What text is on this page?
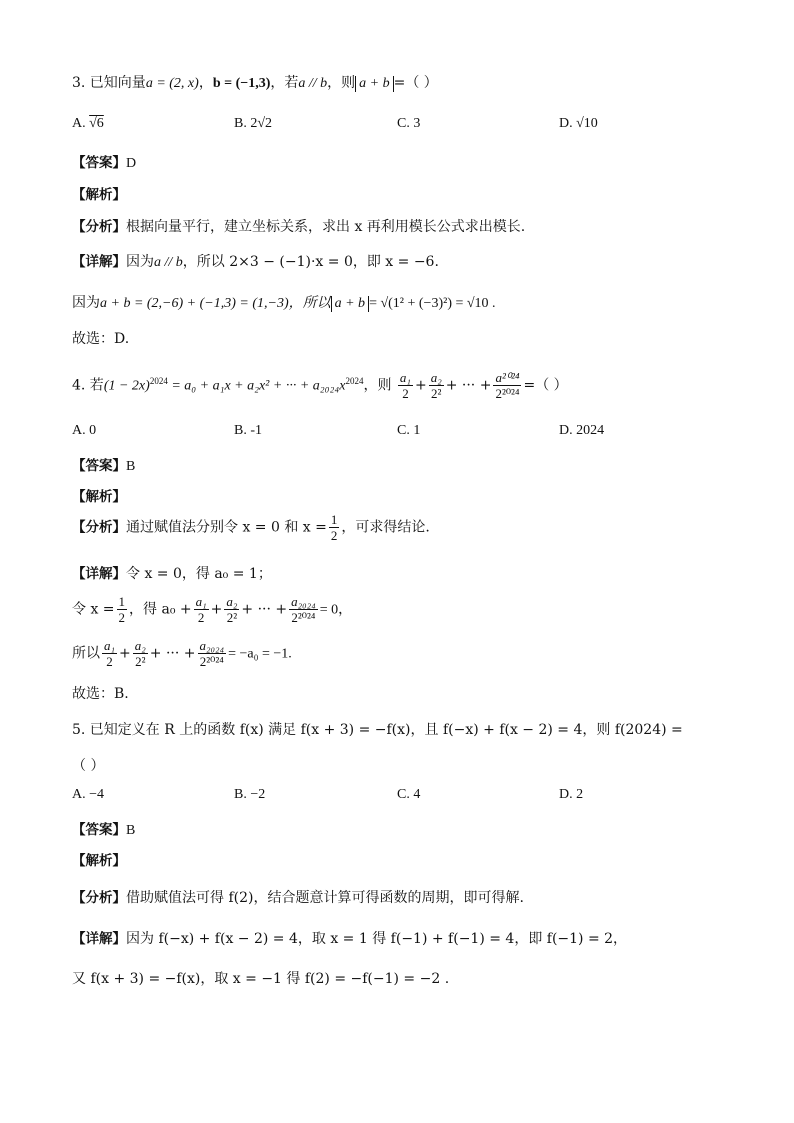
3. 已知向量a = (2, x)，b = (−1,3)，若a // b，则 a + b =（ ）
A. √6	B. 2√2	C. 3	D. √10
【答案】D
【解析】
【分析】根据向量平行，建立坐标关系，求出 x 再利用模长公式求出模长.
【详解】因为a // b，所以 2×3 − (−1)·x = 0，即 x = −6.
因为a + b = (2,−6) + (−1,3) = (1,−3)，所以 a + b = √(1² + (−3)²) = √10 .
故选：D.
4. 若$(1 - 2x)^{2024} = a_0 + a_1x + a_2x^2$ + ··· + $a_{2024}x^{2024}$，则 $\frac{\text{a₁}}{2} + \frac{\text{a₂}}{\text{2²}}$ + ··· + $\frac{\text{a²⁰²⁴}}{\text{2²⁰²⁴}}$ =（ ）
A. 0	B. -1	C. 1	D. 2024
【答案】B
【解析】
【分析】通过赋值法分别令 x = 0 和 $x = \frac{1}{2}$ ，可求得结论.
【详解】令 x = 0，得 a₀ = 1；
令 $x = \frac{1}{2}$ ，得 $a_0 + \frac{\text{a₁}}{2} + \frac{\text{a₂}}{\text{2²}}$ + ··· + $\frac{\text{a₂₀₂₄}}{\text{2²⁰²⁴}} = 0$，
所以 $\frac{\text{a₁}}{2} + \frac{\text{a₂}}{\text{2²}}$ + ··· + $\frac{\text{a₂₀₂₄}}{\text{2²⁰²⁴}} = -a_0 = -1$.
故选：B.
5. 已知定义在 R 上的函数 f(x) 满足 f(x + 3) = −f(x)，且 f(−x) + f(x − 2) = 4，则 f(2024) =
（ ）
A. −4	B. −2	C. 4	D. 2
【答案】B
【解析】
【分析】借助赋值法可得 f(2)，结合题意计算可得函数的周期，即可得解.
【详解】因为 f(−x) + f(x − 2) = 4，取 x = 1 得 f(−1) + f(−1) = 4，即 f(−1) = 2，
又 f(x + 3) = −f(x)，取 x = −1 得 f(2) = −f(−1) = −2 .
